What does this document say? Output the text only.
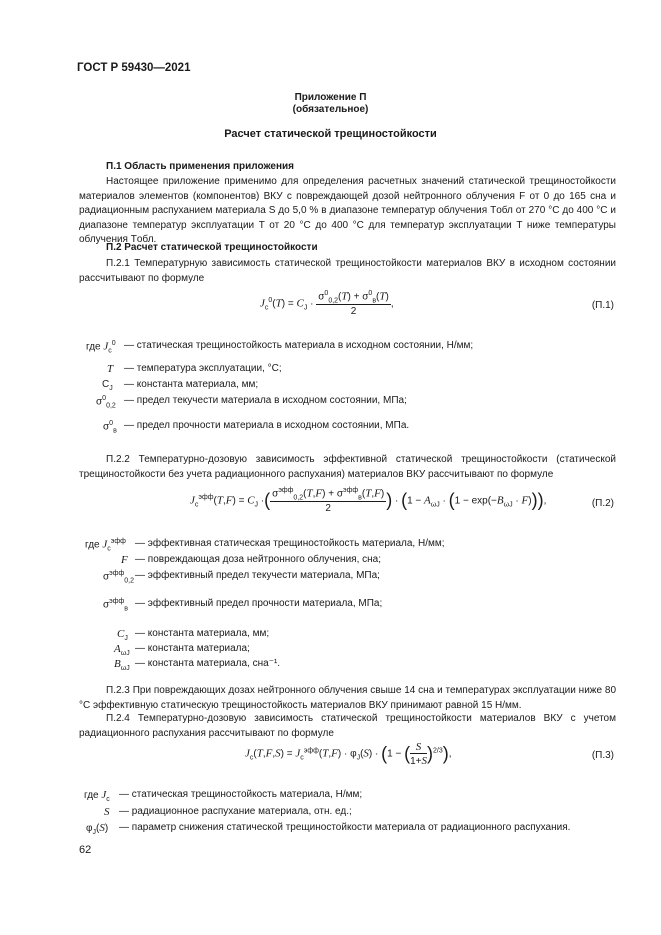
ГОСТ Р 59430—2021
Приложение П
(обязательное)
Расчет статической трещиностойкости
П.1 Область применения приложения
Настоящее приложение применимо для определения расчетных значений статической трещиностойкости материалов элементов (компонентов) ВКУ с повреждающей дозой нейтронного облучения F от 0 до 165 сна и радиационным распуханием материала S до 5,0 % в диапазоне температур облучения Tобл от 270 °C до 400 °C и диапазоне температур эксплуатации T от 20 °C до 400 °C для температур эксплуатации T ниже температуры облучения Tобл.
П.2 Расчет статической трещиностойкости
П.2.1 Температурную зависимость статической трещиностойкости материалов ВКУ в исходном состоянии рассчитывают по формуле
$J_c^0(T) = C_J \cdot \frac{\sigma^0_{0,2}(T) + \sigma^0_в(T)}{2}$ ,	(П.1)
где $J_c^0$ — статическая трещиностойкость материала в исходном состоянии, Н/мм;
T — температура эксплуатации, °C;
$C_J$ — константа материала, мм;
$\sigma^0_{0,2}$ — предел текучести материала в исходном состоянии, МПа;
$\sigma^0_в$ — предел прочности материала в исходном состоянии, МПа.
П.2.2 Температурно-дозовую зависимость эффективной статической трещиностойкости (статической трещиностойкости без учета радиационного распухания) материалов ВКУ рассчитывают по формуле
$J_c^{эфф}(T,F) = C_J$ ·( $\frac{\sigma^{эфф}_{0,2}(T,F) + \sigma^{эфф}_в(T,F)}{2}$ ) · $(1 - A_{\omega J} \cdot (1 - \exp(-B_{\omega J} \cdot F)))$,	(П.2)
где $J_c^{эфф}$ — эффективная статическая трещиностойкость материала, Н/мм;
F — повреждающая доза нейтронного облучения, сна;
$\sigma^{эфф}_{0,2}$ — эффективный предел текучести материала, МПа;
$\sigma^{эфф}_в$ — эффективный предел прочности материала, МПа;
$C_J$ — константа материала, мм;
$A_{\omega J}$ — константа материала;
$B_{\omega J}$ — константа материала, сна⁻¹.
П.2.3 При повреждающих дозах нейтронного облучения свыше 14 сна и температурах эксплуатации ниже 80 °C эффективную статическую трещиностойкость материалов ВКУ принимают равной 15 Н/мм.
П.2.4 Температурно-дозовую зависимость статической трещиностойкости материалов ВКУ с учетом радиационного распухания рассчитывают по формуле
$J_c(T,F,S) = J_c^{эфф}(T,F) \cdot \varphi_J(S) \cdot (1$ − ( $\frac{S}{1+S} )^{2/3}$),	(П.3)
где $J_c$ — статическая трещиностойкость материала, Н/мм;
S — радиационное распухание материала, отн. ед.;
$\varphi_J(S)$ — параметр снижения статической трещиностойкости материала от радиационного распухания.
62
